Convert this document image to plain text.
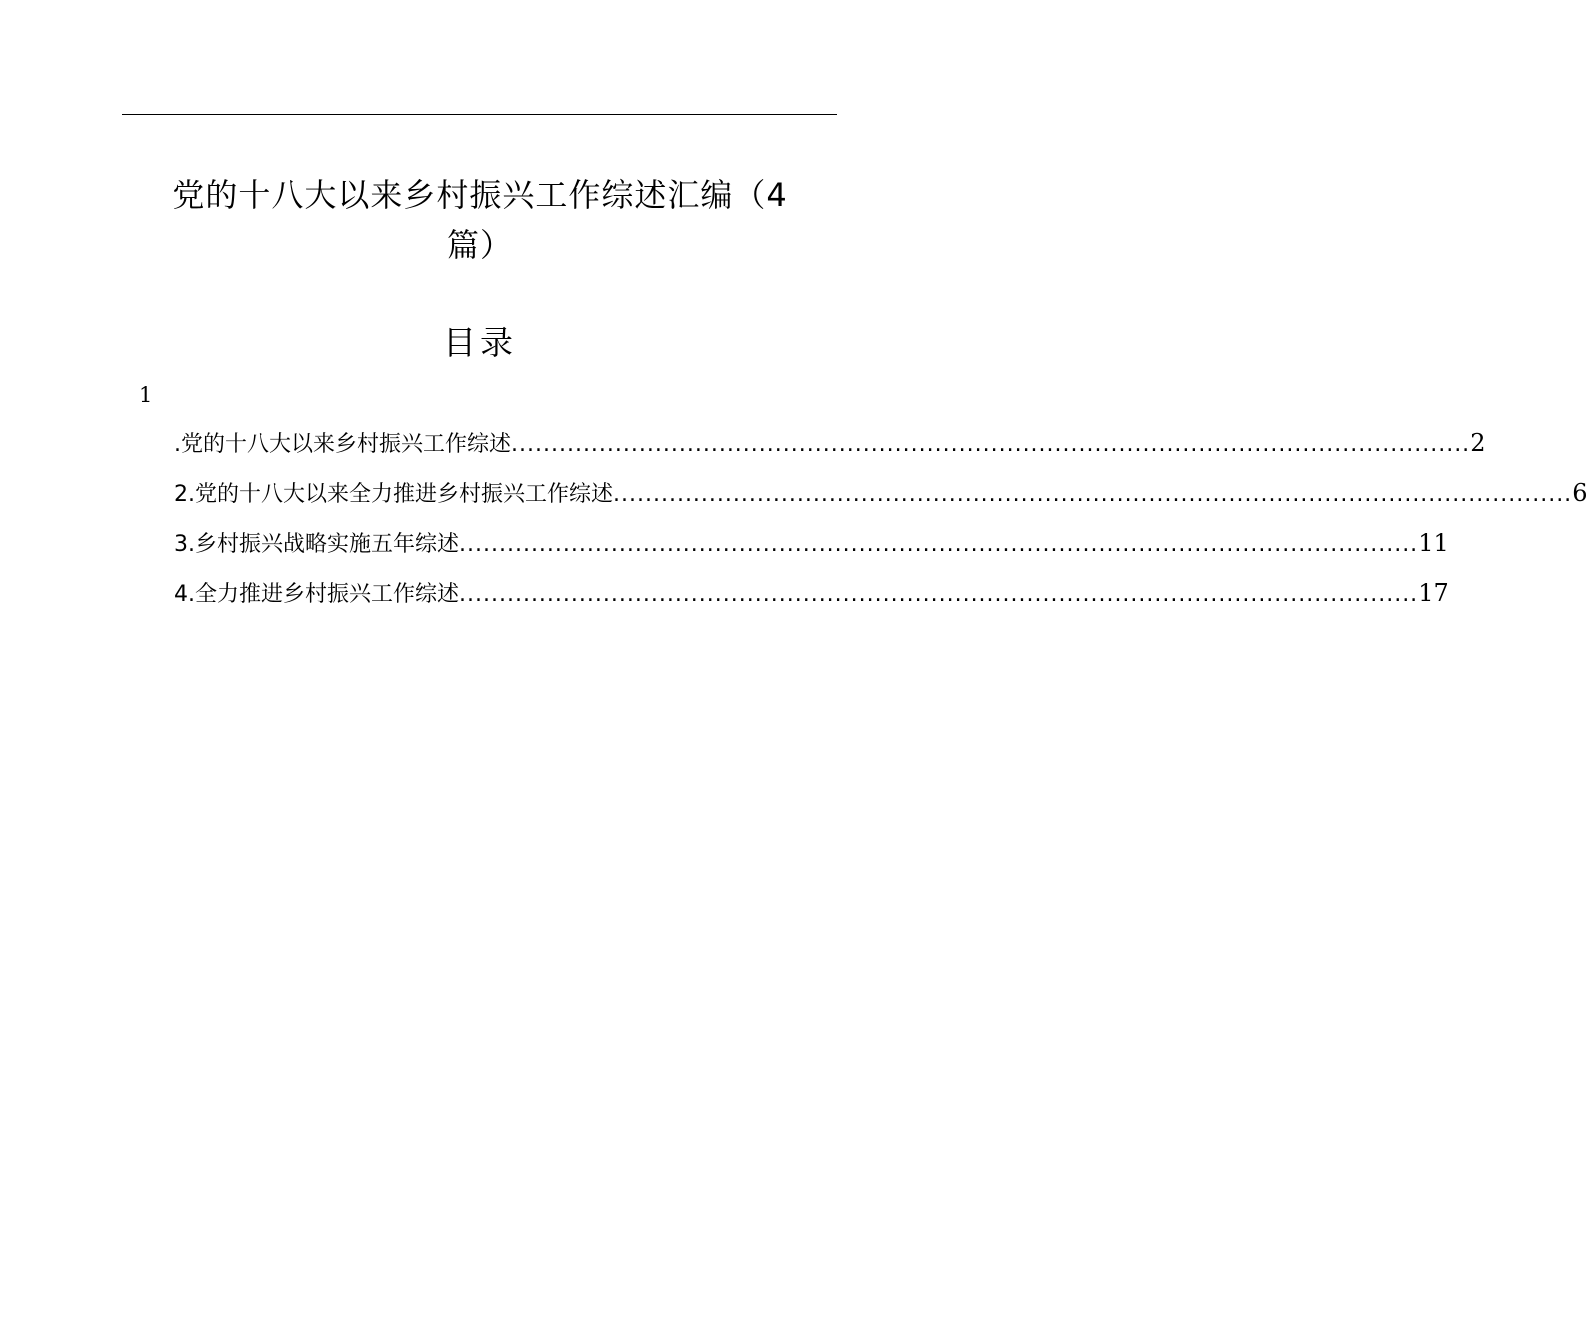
党的十八大以来乡村振兴工作综述汇编（4篇）
目录
1
.党的十八大以来乡村振兴工作综述 ........................................................................................................................ 2
2.党的十八大以来全力推进乡村振兴工作综述 ........................................................................................................................ 6
3.乡村振兴战略实施五年综述 ........................................................................................................................ 11
4.全力推进乡村振兴工作综述 ........................................................................................................................ 17
